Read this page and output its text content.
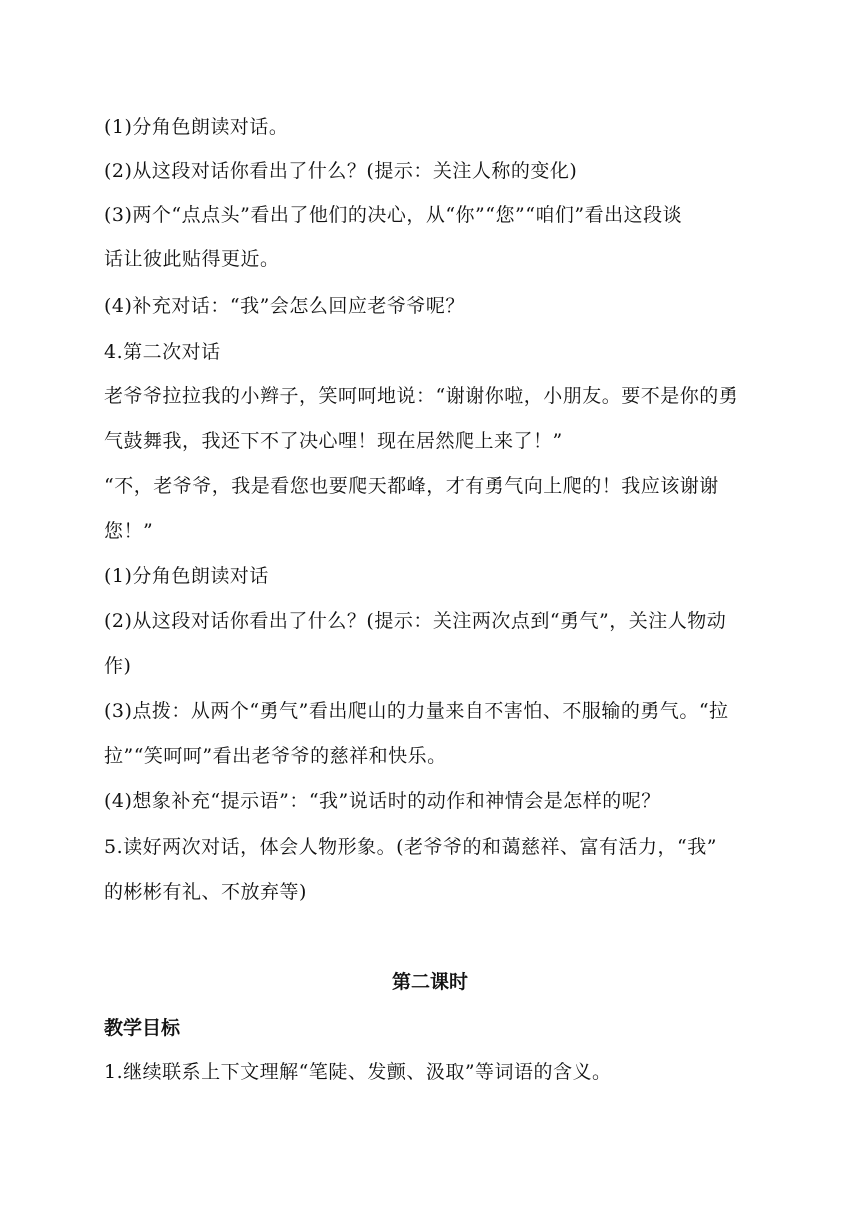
(1)分角色朗读对话。
(2)从这段对话你看出了什么？(提示：关注人称的变化)
(3)两个“点点头”看出了他们的决心，从“你”“您”“咱们”看出这段谈
话让彼此贴得更近。
(4)补充对话：“我”会怎么回应老爷爷呢？
4.第二次对话
老爷爷拉拉我的小辫子，笑呵呵地说：“谢谢你啦，小朋友。要不是你的勇
气鼓舞我，我还下不了决心哩！现在居然爬上来了！”
“不，老爷爷，我是看您也要爬天都峰，才有勇气向上爬的！我应该谢谢
您！”
(1)分角色朗读对话
(2)从这段对话你看出了什么？(提示：关注两次点到“勇气”，关注人物动
作)
(3)点拨：从两个“勇气”看出爬山的力量来自不害怕、不服输的勇气。“拉
拉”“笑呵呵”看出老爷爷的慈祥和快乐。
(4)想象补充“提示语”：“我”说话时的动作和神情会是怎样的呢？
5.读好两次对话，体会人物形象。(老爷爷的和蔼慈祥、富有活力，“我”
的彬彬有礼、不放弃等)
第二课时
教学目标
1.继续联系上下文理解“笔陡、发颤、汲取”等词语的含义。
